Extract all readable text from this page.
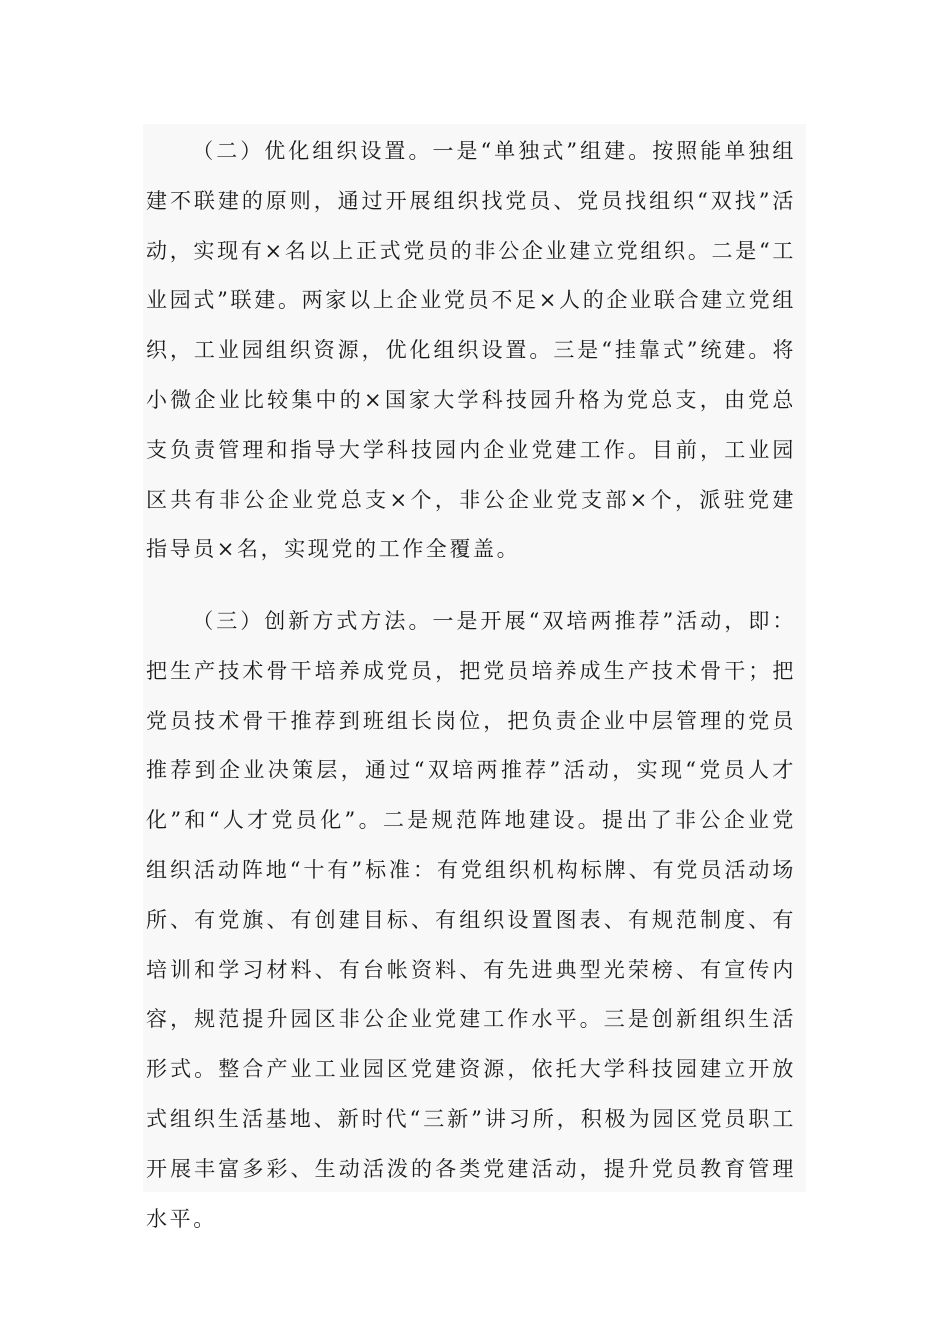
（二）优化组织设置。一是“单独式”组建。按照能单独组建不联建的原则，通过开展组织找党员、党员找组织“双找”活动，实现有×名以上正式党员的非公企业建立党组织。二是“工业园式”联建。两家以上企业党员不足×人的企业联合建立党组织，工业园组织资源，优化组织设置。三是“挂靠式”统建。将小微企业比较集中的×国家大学科技园升格为党总支，由党总支负责管理和指导大学科技园内企业党建工作。目前，工业园区共有非公企业党总支×个，非公企业党支部×个，派驻党建指导员×名，实现党的工作全覆盖。

（三）创新方式方法。一是开展“双培两推荐”活动，即：把生产技术骨干培养成党员，把党员培养成生产技术骨干；把党员技术骨干推荐到班组长岗位，把负责企业中层管理的党员推荐到企业决策层，通过“双培两推荐”活动，实现“党员人才化”和“人才党员化”。二是规范阵地建设。提出了非公企业党组织活动阵地“十有”标准：有党组织机构标牌、有党员活动场所、有党旗、有创建目标、有组织设置图表、有规范制度、有培训和学习材料、有台帐资料、有先进典型光荣榜、有宣传内容，规范提升园区非公企业党建工作水平。三是创新组织生活形式。整合产业工业园区党建资源，依托大学科技园建立开放式组织生活基地、新时代“三新”讲习所，积极为园区党员职工开展丰富多彩、生动活泼的各类党建活动，提升党员教育管理水平。
